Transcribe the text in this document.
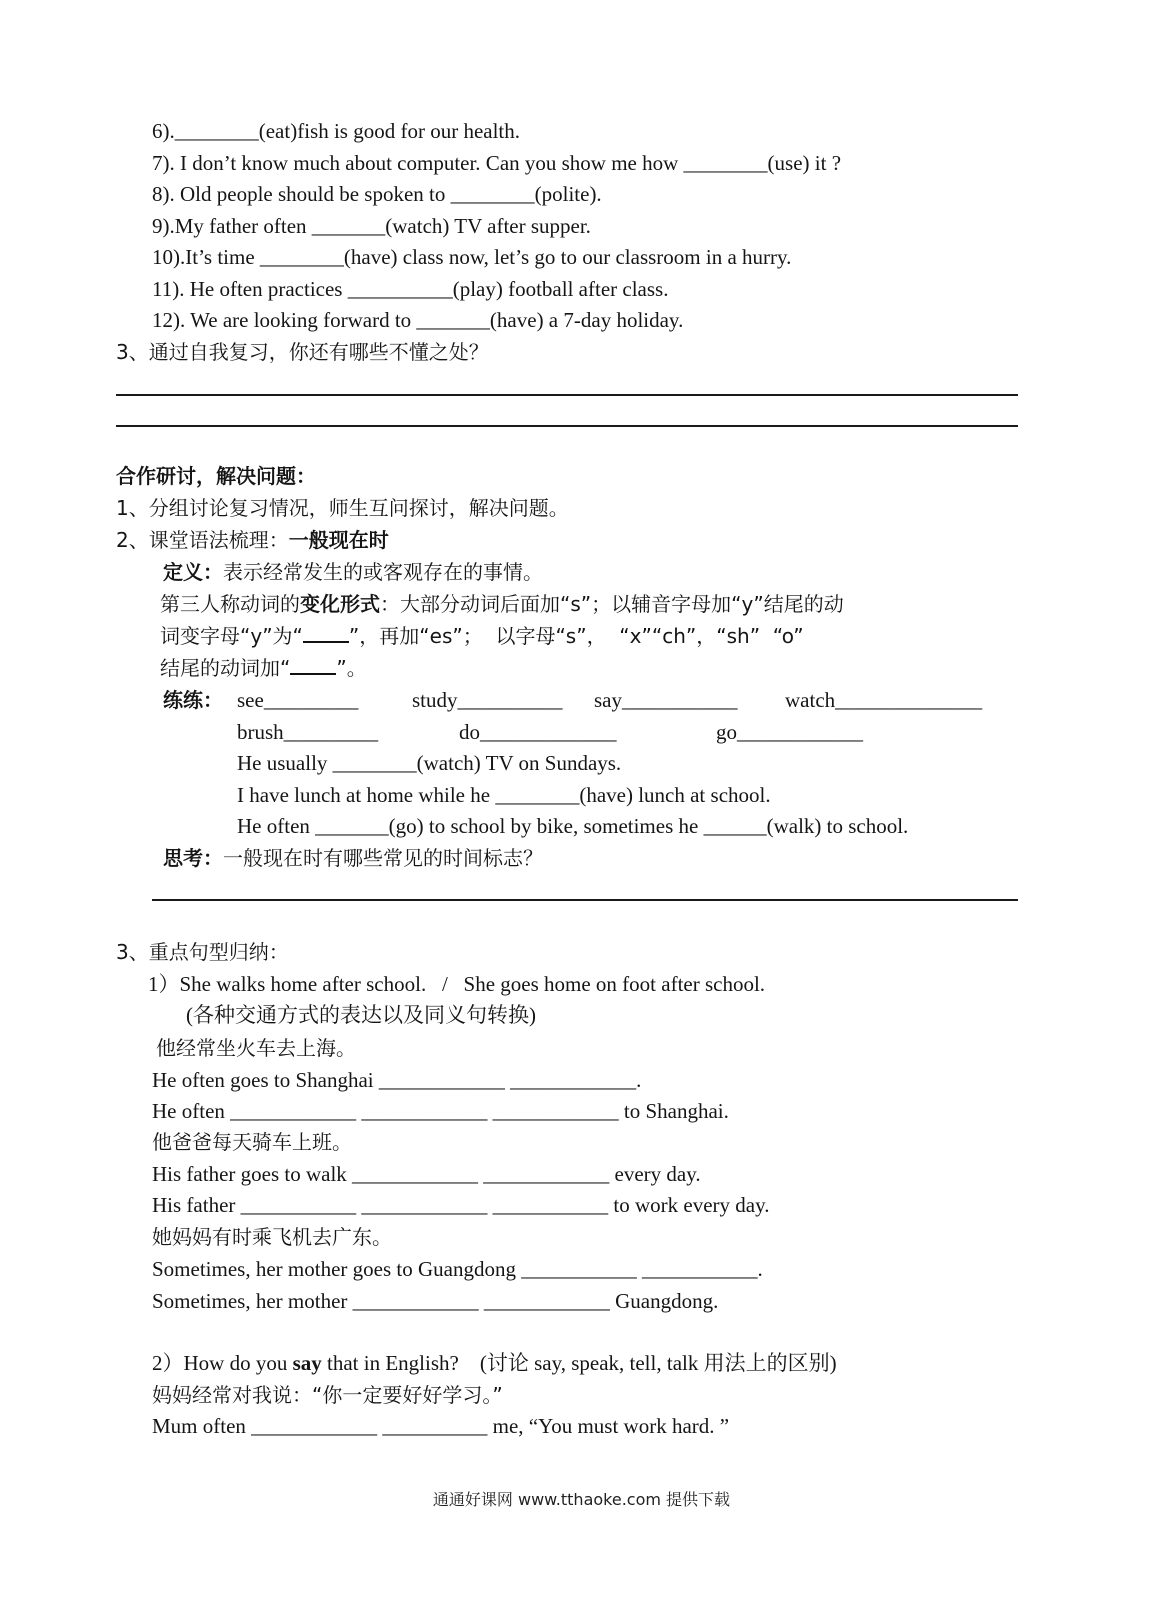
6).________(eat)fish is good for our health.
7). I don’t know much about computer. Can you show me how ________(use) it ?
8). Old people should be spoken to ________(polite).
9).My father often _______(watch) TV after supper.
10).It’s time ________(have) class now, let’s go to our classroom in a hurry.
11). He often practices __________(play) football after class.
12). We are looking forward to _______(have) a 7-day holiday.
3、通过自我复习，你还有哪些不懂之处？
合作研讨，解决问题：
1、分组讨论复习情况，师生互问探讨，解决问题。
2、课堂语法梳理：一般现在时
定义：表示经常发生的或客观存在的事情。
第三人称动词的变化形式：大部分动词后面加“s”；以辅音字母加“y”结尾的动
词变字母“y”为“ ”，再加“es”；  以字母“s”，  “x”“ch”，“sh”  “o”
结尾的动词加“ ”。
练练： see_________	study__________ say___________ watch______________
brush_________	do_____________	go____________
He usually ________(watch) TV on Sundays.
I have lunch at home while he ________(have) lunch at school.
He often _______(go) to school by bike, sometimes he ______(walk) to school.
思考：一般现在时有哪些常见的时间标志？
3、重点句型归纳：
1）She walks home after school.   /   She goes home on foot after school.
(各种交通方式的表达以及同义句转换)
他经常坐火车去上海。
He often goes to Shanghai ____________ ____________.
He often ____________ ____________ ____________ to Shanghai.
他爸爸每天骑车上班。
His father goes to walk ____________ ____________ every day.
His father ___________ ____________ ___________ to work every day.
她妈妈有时乘飞机去广东。
Sometimes, her mother goes to Guangdong ___________ ___________.
Sometimes, her mother ____________ ____________ Guangdong.
2）How do you say that in English?    (讨论 say, speak, tell, talk 用法上的区别)
妈妈经常对我说：“你一定要好好学习。”
Mum often ____________ __________ me, “You must work hard. ”
通通好课网 www.tthaoke.com 提供下载
